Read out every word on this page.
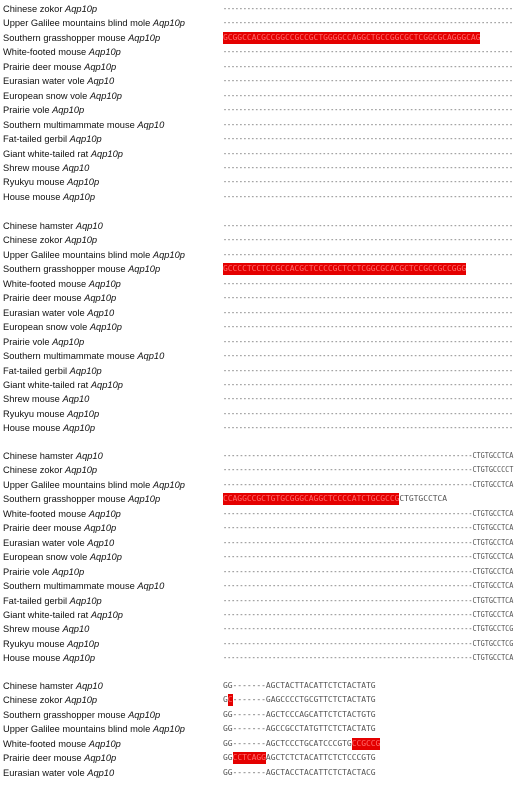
Chinese zokor Aqp10p	-------------------------------------------------------------------------
Upper Galilee mountains blind mole Aqp10p	-------------------------------------------------------------------------
Southern grasshopper mouse Aqp10p	GCGGCCACGCCGGCCGCCGCTGGGGCCAGGCTGCCGGCGCTCGGCGCAGGGCAG
White-footed mouse Aqp10p	-------------------------------------------------------------------------
Prairie deer mouse Aqp10p	-------------------------------------------------------------------------
Eurasian water vole Aqp10	-------------------------------------------------------------------------
European snow vole Aqp10p	-------------------------------------------------------------------------
Prairie vole Aqp10p	-------------------------------------------------------------------------
Southern multimammate mouse Aqp10	-------------------------------------------------------------------------
Fat-tailed gerbil Aqp10p	-------------------------------------------------------------------------
Giant white-tailed rat Aqp10p	-------------------------------------------------------------------------
Shrew mouse Aqp10	-------------------------------------------------------------------------
Ryukyu mouse Aqp10p	-------------------------------------------------------------------------
House mouse Aqp10p	-------------------------------------------------------------------------
Chinese hamster Aqp10	-------------------------------------------------------------------------
Chinese zokor Aqp10p	-------------------------------------------------------------------------
Upper Galilee mountains blind mole Aqp10p	-------------------------------------------------------------------------
Southern grasshopper mouse Aqp10p	GCCCCTCCTCCGCCACGCTCCCCGCTCCTCGGCGCACGCTCCGCCGCCGGG
White-footed mouse Aqp10p	-------------------------------------------------------------------------
Prairie deer mouse Aqp10p	-------------------------------------------------------------------------
Eurasian water vole Aqp10	-------------------------------------------------------------------------
European snow vole Aqp10p	-------------------------------------------------------------------------
Prairie vole Aqp10p	-------------------------------------------------------------------------
Southern multimammate mouse Aqp10	-------------------------------------------------------------------------
Fat-tailed gerbil Aqp10p	-------------------------------------------------------------------------
Giant white-tailed rat Aqp10p	-------------------------------------------------------------------------
Shrew mouse Aqp10	-------------------------------------------------------------------------
Ryukyu mouse Aqp10p	-------------------------------------------------------------------------
House mouse Aqp10p	-------------------------------------------------------------------------
Chinese hamster Aqp10	-------------------------------------------------------------CTGTGCCTCA
Chinese zokor Aqp10p	-------------------------------------------------------------CTGTGCCCCT
Upper Galilee mountains blind mole Aqp10p	-------------------------------------------------------------CTGTGCCTCA
Southern grasshopper mouse Aqp10p	CCAGGCCGCTGTGCGGGCAGGCTCCCCATCTGCGCCGCTGTGCCTCA
White-footed mouse Aqp10p	-------------------------------------------------------------CTGTGCCTCA
Prairie deer mouse Aqp10p	-------------------------------------------------------------CTGTGCCTCA
Eurasian water vole Aqp10	-------------------------------------------------------------CTGTGCCTCA
European snow vole Aqp10p	-------------------------------------------------------------CTGTGCCTCA
Prairie vole Aqp10p	-------------------------------------------------------------CTGTGCCTCA
Southern multimammate mouse Aqp10	-------------------------------------------------------------CTGTGCCTCA
Fat-tailed gerbil Aqp10p	-------------------------------------------------------------CTGTGCTTCA
Giant white-tailed rat Aqp10p	-------------------------------------------------------------CTGTGCCTCA
Shrew mouse Aqp10	-------------------------------------------------------------CTGTGCCTCG
Ryukyu mouse Aqp10p	-------------------------------------------------------------CTGTGCCTCG
House mouse Aqp10p	-------------------------------------------------------------CTGTGCCTCA
Chinese hamster Aqp10	GG-------AGCTACTTACATTCTCTACTATG
Chinese zokor Aqp10p	GC-------GAGCCCCTGCGTTCTCTACTATG
Southern grasshopper mouse Aqp10p	GG-------AGCTCCCAGCATTCTCTACTGTG
Upper Galilee mountains blind mole Aqp10p	GG-------AGCCGCCTATGTTCTCTACTATG
White-footed mouse Aqp10p	GG-------AGCTCCCTGCATCCCGTGCCGCCG
Prairie deer mouse Aqp10p	GGCCTCAGGAGCTCTCTACATTCTCTCCCGTG
Eurasian water vole Aqp10	GG-------AGCTACCTACATTCTCTACTACG
